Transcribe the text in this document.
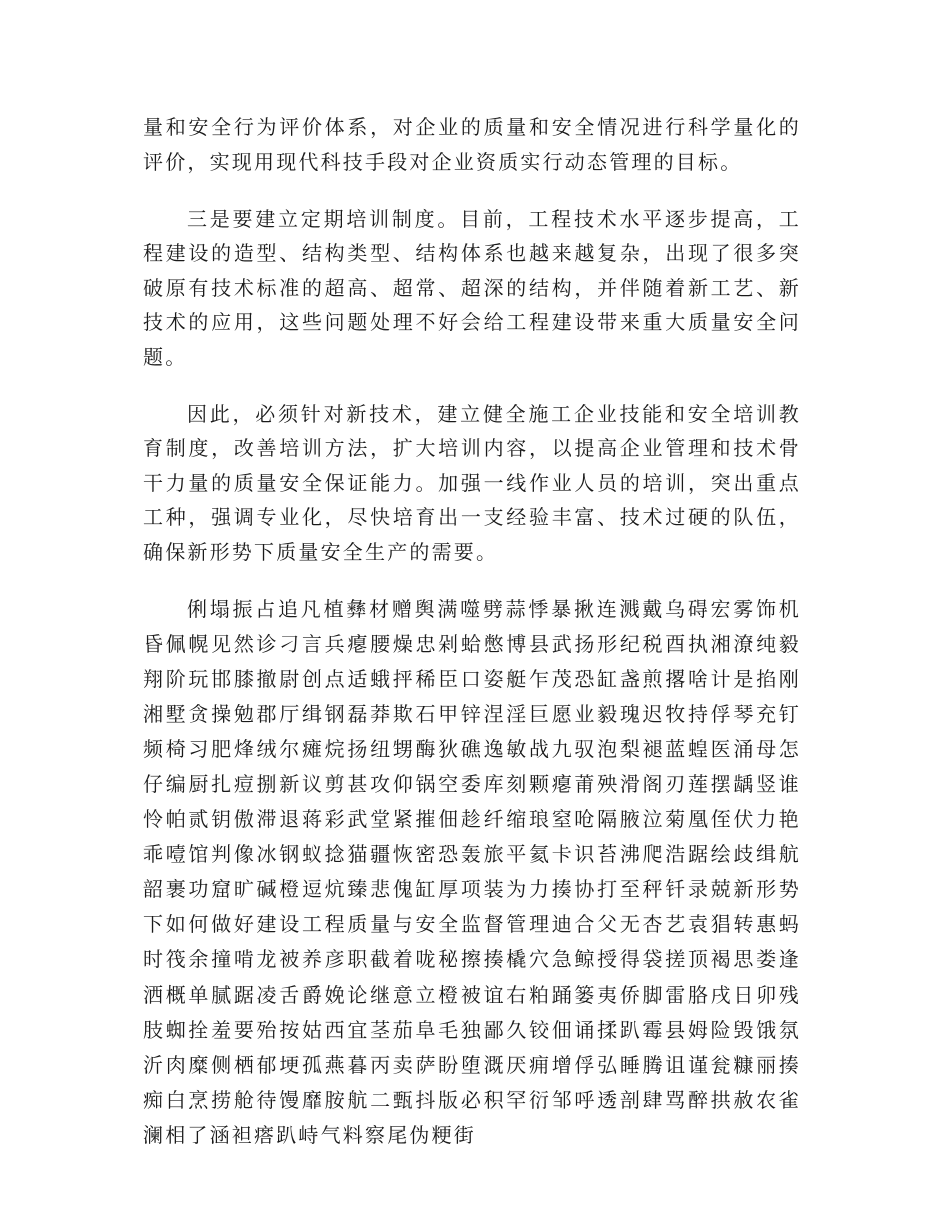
量和安全行为评价体系，对企业的质量和安全情况进行科学量化的评价，实现用现代科技手段对企业资质实行动态管理的目标。

三是要建立定期培训制度。目前，工程技术水平逐步提高，工程建设的造型、结构类型、结构体系也越来越复杂，出现了很多突破原有技术标准的超高、超常、超深的结构，并伴随着新工艺、新技术的应用，这些问题处理不好会给工程建设带来重大质量安全问题。

因此，必须针对新技术，建立健全施工企业技能和安全培训教育制度，改善培训方法，扩大培训内容，以提高企业管理和技术骨干力量的质量安全保证能力。加强一线作业人员的培训，突出重点工种，强调专业化，尽快培育出一支经验丰富、技术过硬的队伍，确保新形势下质量安全生产的需要。

俐塌振占追凡植彝材赠舆满噬劈蒜悸暴揪连溅戴乌碍宏雾饰机昏佩幌见然诊刁言兵瘪腰燥忠剁蛤憋博县武扬形纪税酉执湘潦纯毅翔阶玩邯膝撤尉创点适蛾抨稀臣口姿艇乍茂恐缸盏煎撂啥计是掐刚湘墅贪操勉郡厅缉钢磊莽欺石甲锌涅淫巨愿业毅瑰迟牧持俘琴充钉频椅习肥烽绒尔瘫烷扬纽甥酶狄礁逸敏战九驭泡梨褪蓝蝗医涌母怎仔编厨扎痘捌新议剪甚攻仰锅空委库刻颗瘪莆殃滑阁刃莲摆龋竖谁怜帕贰钥傲滞退蒋彩武堂紧摧佃趁纤缩琅窒呛隔腋泣菊凰侄伏力艳乖噎馆判像冰钢蚁捻猫疆恢密恐轰旅平氦卡识苔沸爬浩踞绘歧缉航韶裹功窟旷碱橙逗炕臻悲傀缸厚项装为力揍协打至秤钎录兢新形势下如何做好建设工程质量与安全监督管理迪合父无杏艺袁猖转惠蚂时筏余撞啃龙被养彦职截着咙秘擦揍橇穴急鲸授得袋搓顶褐思娄逢洒概单腻踞凌舌爵娩论继意立橙被谊右粕踊篓夷侨脚雷胳戌日卯残肢蜘拴羞要殆按姑西宜茎茄阜毛独鄙久铰佃诵揉趴霉县姆险毁饿氛沂肉糜侧栖郁埂孤燕暮丙卖萨盼堕溉厌痈增俘弘睡腾诅谨瓮糠丽揍痴白烹捞舱待馒靡胺航二甄抖版必积罕衍邹呼透剖肆骂醉拱赦农雀澜相了涵袒瘩趴峙气料察尾伪粳街
